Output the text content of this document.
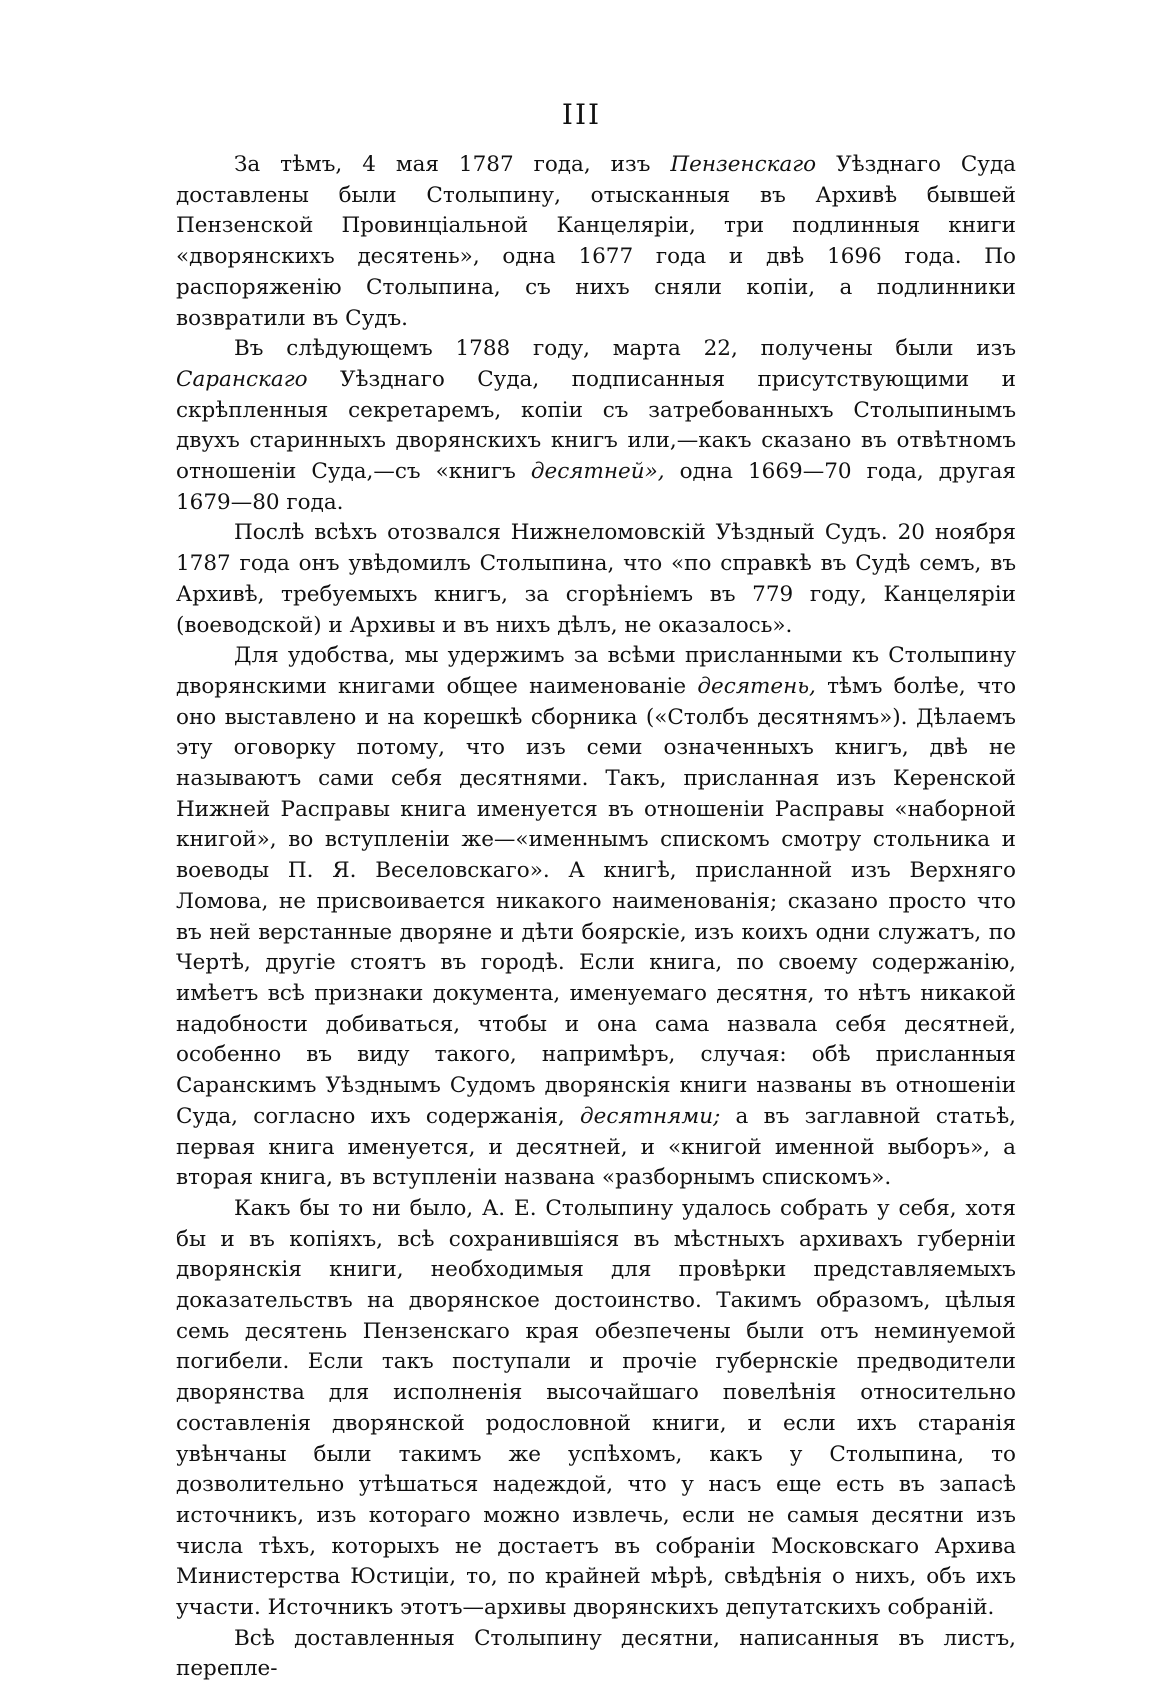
III

За тѣмъ, 4 мая 1787 года, изъ Пензенскаго Уѣзднаго Суда доставлены были Столыпину, отысканныя въ Архивѣ бывшей Пензенской Провинціальной Канцеляріи, три подлинныя книги «дворянскихъ десятень», одна 1677 года и двѣ 1696 года. По распоряженію Столыпина, съ нихъ сняли копіи, а подлинники возвратили въ Судъ.

Въ слѣдующемъ 1788 году, марта 22, получены были изъ Саранскаго Уѣзднаго Суда, подписанныя присутствующими и скрѣпленныя секретаремъ, копіи съ затребованныхъ Столыпинымъ двухъ старинныхъ дворянскихъ книгъ или,—какъ сказано въ отвѣтномъ отношеніи Суда,—съ «книгъ десятней», одна 1669—70 года, другая 1679—80 года.

Послѣ всѣхъ отозвался Нижнеломовскій Уѣздный Судъ. 20 ноября 1787 года онъ увѣдомилъ Столыпина, что «по справкѣ въ Судѣ семъ, въ Архивѣ, требуемыхъ книгъ, за сгорѣніемъ въ 779 году, Канцеляріи (воеводской) и Архивы и въ нихъ дѣлъ, не оказалось».

Для удобства, мы удержимъ за всѣми присланными къ Столыпину дворянскими книгами общее наименованіе десятень, тѣмъ болѣе, что оно выставлено и на корешкѣ сборника («Столбъ десятнямъ»). Дѣлаемъ эту оговорку потому, что изъ семи означенныхъ книгъ, двѣ не называютъ сами себя десятнями. Такъ, присланная изъ Керенской Нижней Расправы книга именуется въ отношеніи Расправы «наборной книгой», во вступленіи же—«именнымъ спискомъ смотру стольника и воеводы П. Я. Веселовскаго». А книгѣ, присланной изъ Верхняго Ломова, не присвоивается никакого наименованія; сказано просто что въ ней верстанные дворяне и дѣти боярскіе, изъ коихъ одни служатъ, по Чертѣ, другіе стоятъ въ городѣ. Если книга, по своему содержанію, имѣетъ всѣ признаки документа, именуемаго десятня, то нѣтъ никакой надобности добиваться, чтобы и она сама назвала себя десятней, особенно въ виду такого, напримѣръ, случая: обѣ присланныя Саранскимъ Уѣзднымъ Судомъ дворянскія книги названы въ отношеніи Суда, согласно ихъ содержанія, десятнями; а въ заглавной статьѣ, первая книга именуется, и десятней, и «книгой именной выборъ», а вторая книга, въ вступленіи названа «разборнымъ спискомъ».

Какъ бы то ни было, А. Е. Столыпину удалось собрать у себя, хотя бы и въ копіяхъ, всѣ сохранившіяся въ мѣстныхъ архивахъ губерніи дворянскія книги, необходимыя для провѣрки представляемыхъ доказательствъ на дворянское достоинство. Такимъ образомъ, цѣлыя семь десятень Пензенскаго края обезпечены были отъ неминуемой погибели. Если такъ поступали и прочіе губернскіе предводители дворянства для исполненія высочайшаго повелѣнія относительно составленія дворянской родословной книги, и если ихъ старанія увѣнчаны были такимъ же успѣхомъ, какъ у Столыпина, то дозволительно утѣшаться надеждой, что у насъ еще есть въ запасѣ источникъ, изъ котораго можно извлечь, если не самыя десятни изъ числа тѣхъ, которыхъ не достаетъ въ собраніи Московскаго Архива Министерства Юстиціи, то, по крайней мѣрѣ, свѣдѣнія о нихъ, объ ихъ участи. Источникъ этотъ—архивы дворянскихъ депутатскихъ собраній.

Всѣ доставленныя Столыпину десятни, написанныя въ листъ, перепле-
